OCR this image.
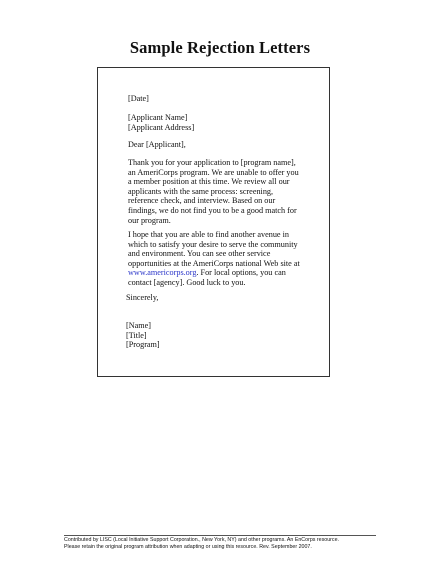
Sample Rejection Letters
[Date]
[Applicant Name]
[Applicant Address]
Dear [Applicant],
Thank you for your application to [program name],
an AmeriCorps program. We are unable to offer you
a member position at this time. We review all our
applicants with the same process: screening,
reference check, and interview. Based on our
findings, we do not find you to be a good match for
our program.
I hope that you are able to find another avenue in
which to satisfy your desire to serve the community
and environment. You can see other service
opportunities at the AmeriCorps national Web site at
www.americorps.org. For local options, you can
contact [agency]. Good luck to you.
Sincerely,
[Name]
[Title]
[Program]
Contributed by LISC (Local Initiative Support Corporation., New York, NY) and other programs. An EnCorps resource.
Please retain the original program attribution when adapting or using this resource. Rev. September 2007.
